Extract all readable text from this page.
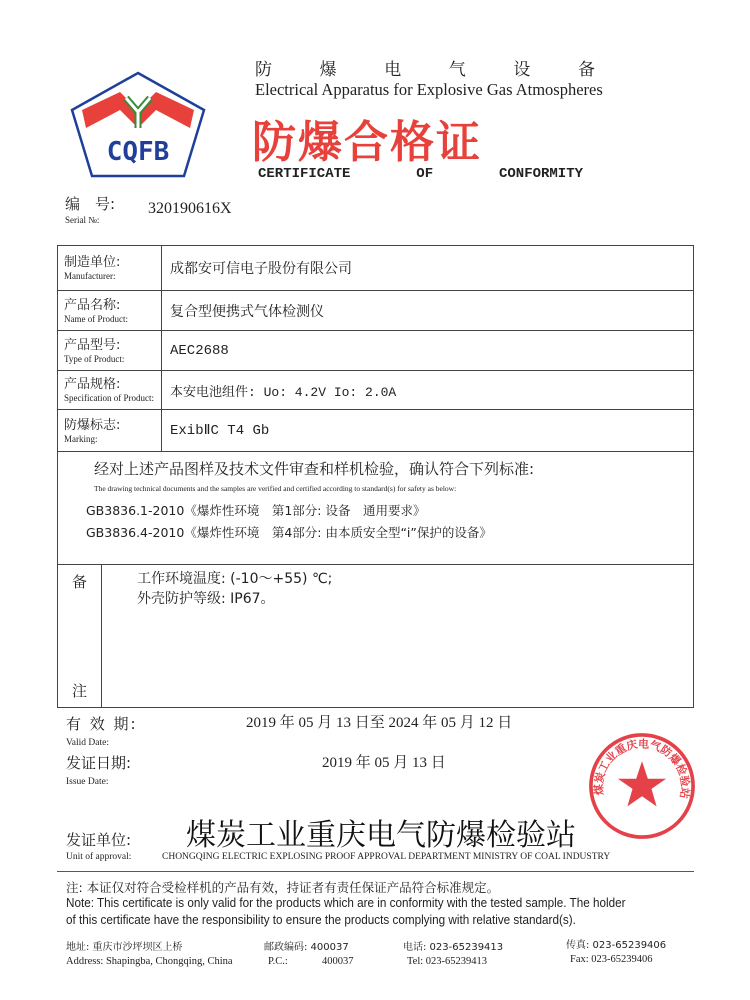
CQFB
防	爆	电	气	设	备
Electrical Apparatus for Explosive Gas Atmospheres
防爆合格证
CERTIFICATE	OF	CONFORMITY
编　号:
Serial №:
320190616X
制造单位:
Manufacturer:	成都安可信电子股份有限公司

产品名称:
Name of Product:	复合型便携式气体检测仪

产品型号:
Type of Product:	AEC2688

产品规格:
Specification of Product:	本安电池组件: Uo: 4.2V Io: 2.0A

防爆标志:
Marking:	ExibⅡC T4 Gb

经对上述产品图样及技术文件审查和样机检验，确认符合下列标准:
The drawing technical documents and the samples are verified and certified according to standard(s) for safety as below:
GB3836.1-2010《爆炸性环境　第1部分: 设备　通用要求》
GB3836.4-2010《爆炸性环境　第4部分: 由本质安全型“i”保护的设备》	

备
注
工作环境温度: (-10～+55) ℃;
外壳防护等级: IP67。	
煤炭工业重庆电气防爆检验站
有 效 期:
Valid Date:
2019 年 05 月 13 日至 2024 年 05 月 12 日
发证日期:
Issue Date:
2019 年 05 月 13 日
发证单位:
Unit of approval:
煤炭工业重庆电气防爆检验站
CHONGQING ELECTRIC EXPLOSING PROOF APPROVAL DEPARTMENT MINISTRY OF COAL INDUSTRY
注: 本证仅对符合受检样机的产品有效，持证者有责任保证产品符合标准规定。
Note: This certificate is only valid for the products which are in conformity with the tested sample. The holder
of this certificate have the responsibility to ensure the products complying with relative standard(s).
地址: 重庆市沙坪坝区上桥
Address: Shapingba, Chongqing, China
邮政编码: 400037
P.C.:	400037
电话: 023-65239413
Tel: 023-65239413
传真: 023-65239406
Fax: 023-65239406
